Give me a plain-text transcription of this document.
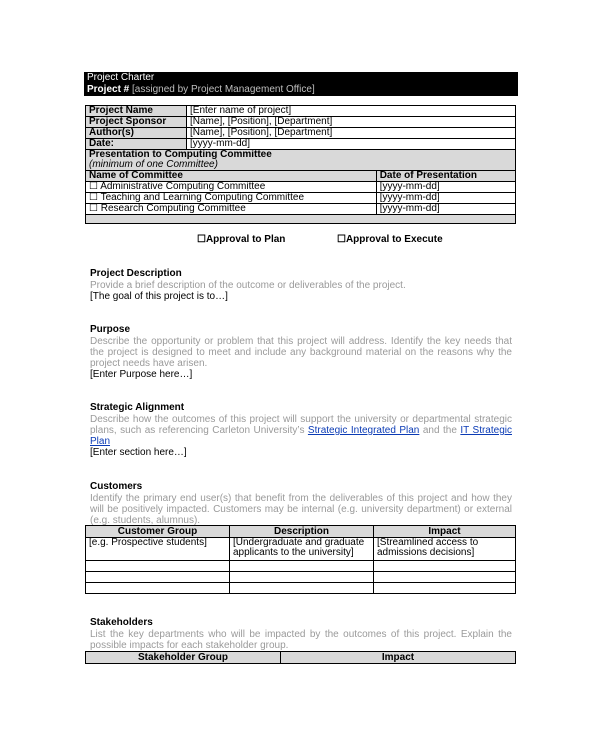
Project Charter
Project # [assigned by Project Management Office]
Project Name	[Enter name of project]	
Project Sponsor	[Name], [Position], [Department]	
Author(s)	[Name], [Position], [Department]	
Date:	[yyyy-mm-dd]	

Presentation to Computing Committee
(minimum of one Committee)		

Name of Committee		Date of Presentation
☐ Administrative Computing Committee		[yyyy-mm-dd]
☐ Teaching and Learning Computing Committee		[yyyy-mm-dd]
☐ Research Computing Committee		[yyyy-mm-dd]

☐Approval to Plan	☐Approval to Execute
Project Description
Provide a brief description of the outcome or deliverables of the project.
[The goal of this project is to…]
Purpose
Describe the opportunity or problem that this project will address. Identify the key needs that the project is designed to meet and include any background material on the reasons why the project needs have arisen.
[Enter Purpose here…]
Strategic Alignment
Describe how the outcomes of this project will support the university or departmental strategic plans, such as referencing Carleton University’s Strategic Integrated Plan and the IT Strategic Plan
[Enter section here…]
Customers
Identify the primary end user(s) that benefit from the deliverables of this project and how they will be positively impacted. Customers may be internal (e.g. university department) or external (e.g. students, alumnus).
Customer Group	Description	Impact
[e.g. Prospective students]	[Undergraduate and graduate applicants to the university]	[Streamlined access to admissions decisions]

Stakeholders
List the key departments who will be impacted by the outcomes of this project. Explain the possible impacts for each stakeholder group.
Stakeholder Group	Impact
